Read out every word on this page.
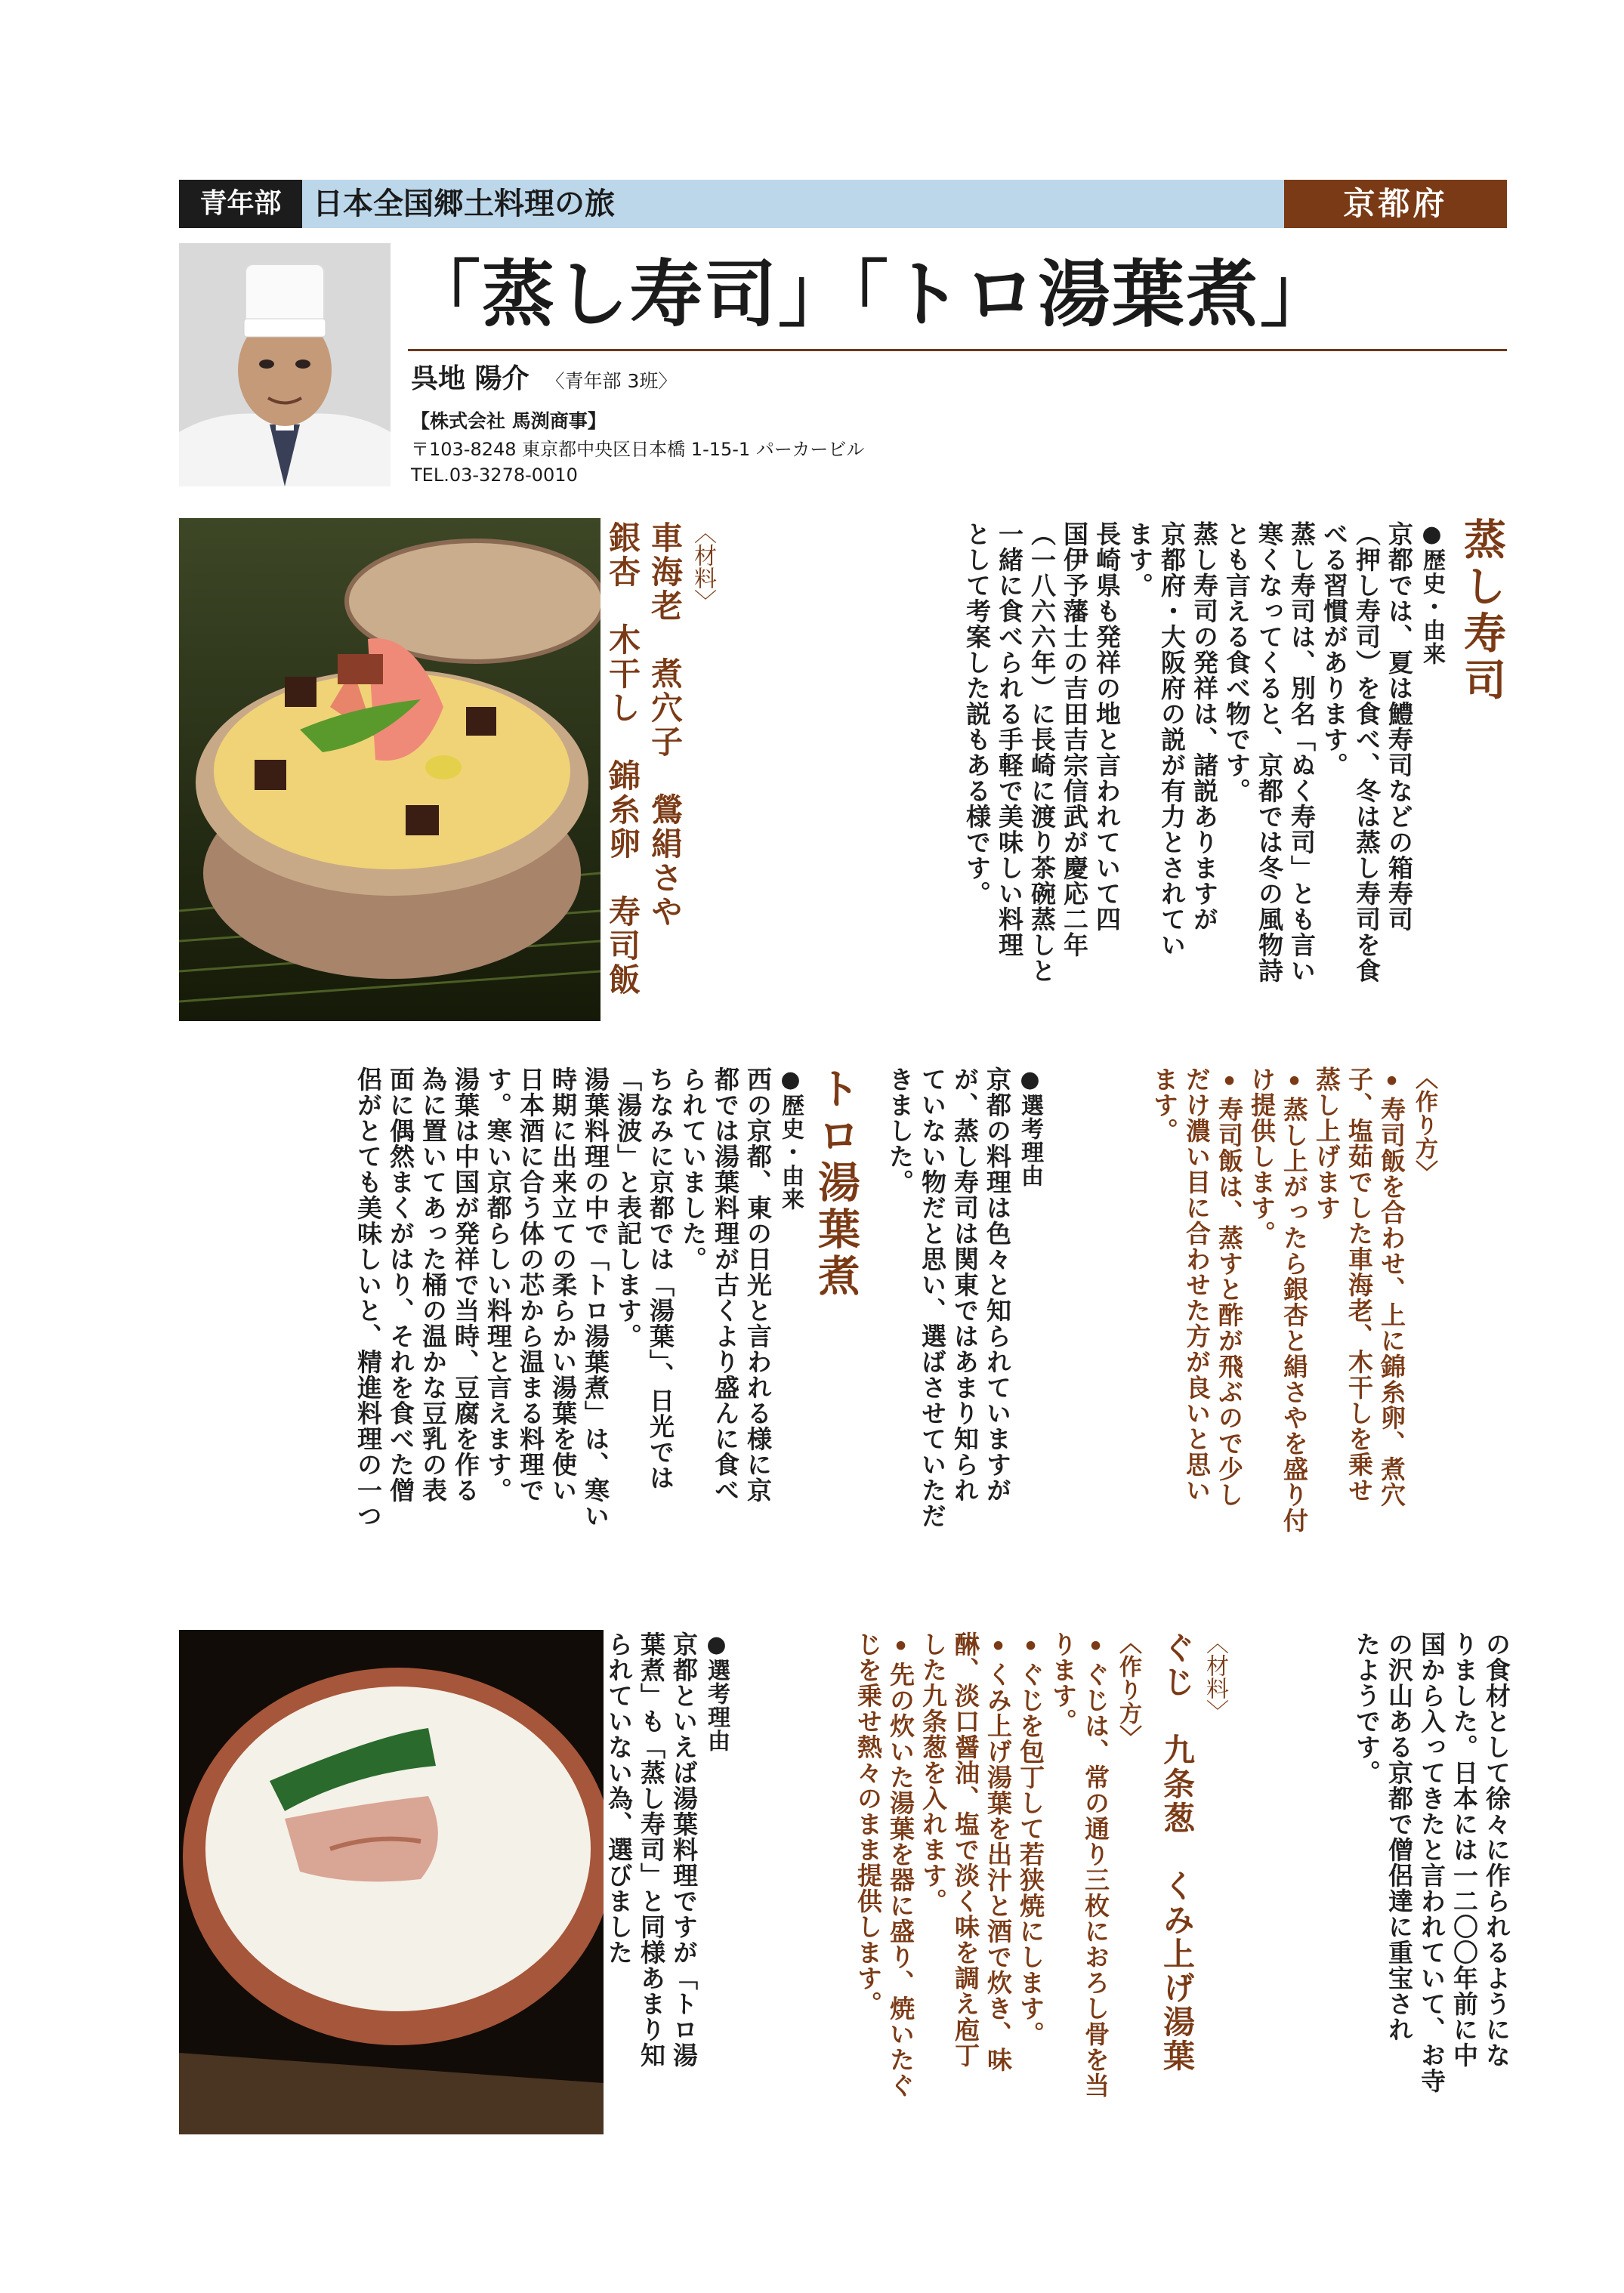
青年部	日本全国郷土料理の旅	京都府
「蒸し寿司」「トロ湯葉煮」
呉地 陽介 〈青年部 3班〉
【株式会社 馬渕商事】
〒103-8248 東京都中央区日本橋 1-15-1 パーカービル
TEL.03-3278-0010
蒸し寿司

●歴史・由来

京都では、夏は鱧寿司などの箱寿司

（押し寿司）を食べ、冬は蒸し寿司を食

べる習慣があります。

蒸し寿司は、別名「ぬく寿司」とも言い

寒くなってくると、京都では冬の風物詩

とも言える食べ物です。

蒸し寿司の発祥は、諸説ありますが

京都府・大阪府の説が有力とされてい

ます。

長崎県も発祥の地と言われていて四

国伊予藩士の吉田吉宗信武が慶応二年

（一八六六年）に長崎に渡り茶碗蒸しと

一緒に食べられる手軽で美味しい料理

として考案した説もある様です。

〈材料〉

車海老　煮穴子　鶯絹さや

銀杏　木干し　錦糸卵　寿司飯

〈作り方〉

•寿司飯を合わせ、上に錦糸卵、煮穴

子、塩茹でした車海老、木干しを乗せ

蒸し上げます

•蒸し上がったら銀杏と絹さやを盛り付

け提供します。

•寿司飯は、蒸すと酢が飛ぶので少し

だけ濃い目に合わせた方が良いと思い

ます。

●選考理由

京都の料理は色々と知られていますが

が、蒸し寿司は関東ではあまり知られ

ていない物だと思い、選ばさせていただ

きました。

トロ湯葉煮

●歴史・由来

西の京都、東の日光と言われる様に京

都では湯葉料理が古くより盛んに食べ

られていました。

ちなみに京都では「湯葉」、日光では

「湯波」と表記します。

湯葉料理の中で「トロ湯葉煮」は、寒い

時期に出来立ての柔らかい湯葉を使い

日本酒に合う体の芯から温まる料理で

す。寒い京都らしい料理と言えます。

湯葉は中国が発祥で当時、豆腐を作る

為に置いてあった桶の温かな豆乳の表

面に偶然まくがはり、それを食べた僧

侶がとても美味しいと、精進料理の一つ

の食材として徐々に作られるようにな

りました。日本には一二〇〇年前に中

国から入ってきたと言われていて、お寺

の沢山ある京都で僧侶達に重宝され

たようです。

〈材料〉

ぐじ　九条葱　くみ上げ湯葉

〈作り方〉

•ぐじは、常の通り三枚におろし骨を当

ります。

•ぐじを包丁して若狭焼にします。

•くみ上げ湯葉を出汁と酒で炊き、味

醂、淡口醤油、塩で淡く味を調え庖丁

した九条葱を入れます。

•先の炊いた湯葉を器に盛り、焼いたぐ

じを乗せ熱々のまま提供します。

●選考理由

京都といえば湯葉料理ですが「トロ湯

葉煮」も「蒸し寿司」と同様あまり知

られていない為、選びました
